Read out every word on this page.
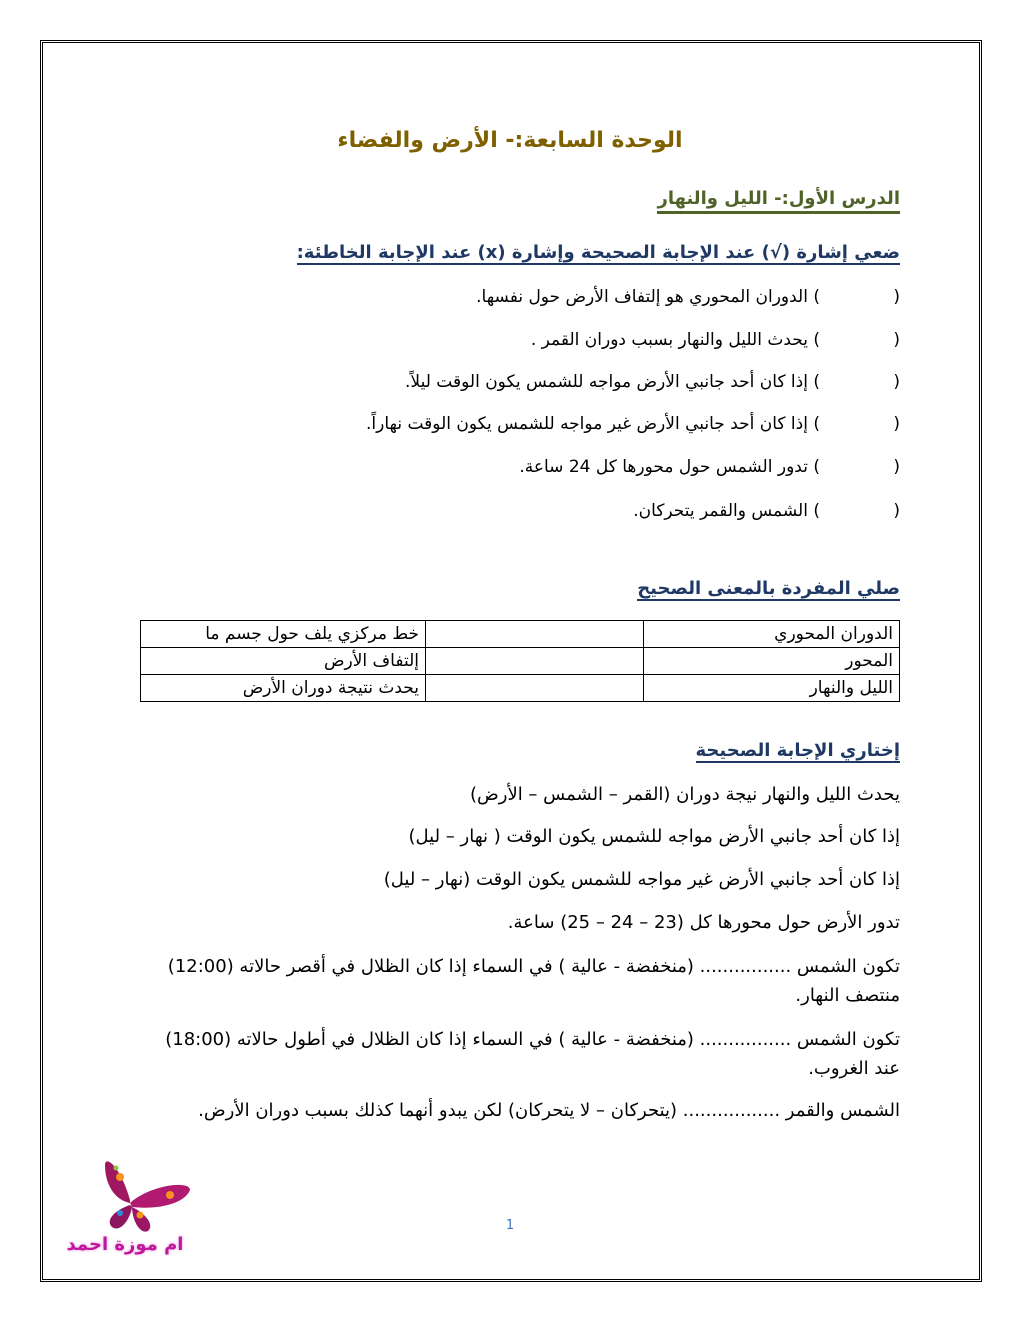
الوحدة السابعة:- الأرض والفضاء
الدرس الأول:- الليل والنهار
ضعي إشارة (√) عند الإجابة الصحيحة وإشارة (x) عند الإجابة الخاطئة:
() الدوران المحوري هو إلتفاف الأرض حول نفسها.
() يحدث الليل والنهار بسبب دوران القمر .
() إذا كان أحد جانبي الأرض مواجه للشمس يكون الوقت ليلاً.
() إذا كان أحد جانبي الأرض غير مواجه للشمس يكون الوقت نهاراً.
() تدور الشمس حول محورها كل 24 ساعة.
() الشمس والقمر يتحركان.
صلي المفردة بالمعنى الصحيح
الدوران المحوري		خط مركزي يلف حول جسم ما
المحور		إلتفاف الأرض
الليل والنهار		يحدث نتيجة دوران الأرض
إختاري الإجابة الصحيحة
يحدث الليل والنهار نيجة دوران (القمر – الشمس – الأرض)
إذا كان أحد جانبي الأرض مواجه للشمس يكون الوقت ( نهار – ليل)
إذا كان أحد جانبي الأرض غير مواجه للشمس يكون الوقت (نهار – ليل)
تدور الأرض حول محورها كل (23 – 24 – 25) ساعة.
تكون الشمس ................ (منخفضة - عالية ) في السماء إذا كان الظلال في أقصر حالاته (12:00)
منتصف النهار.
تكون الشمس ................ (منخفضة - عالية ) في السماء إذا كان الظلال في أطول حالاته (18:00)
عند الغروب.
الشمس والقمر ................. (يتحركان – لا يتحركان) لكن يبدو أنهما كذلك بسبب دوران الأرض.
ام موزة احمد
1
